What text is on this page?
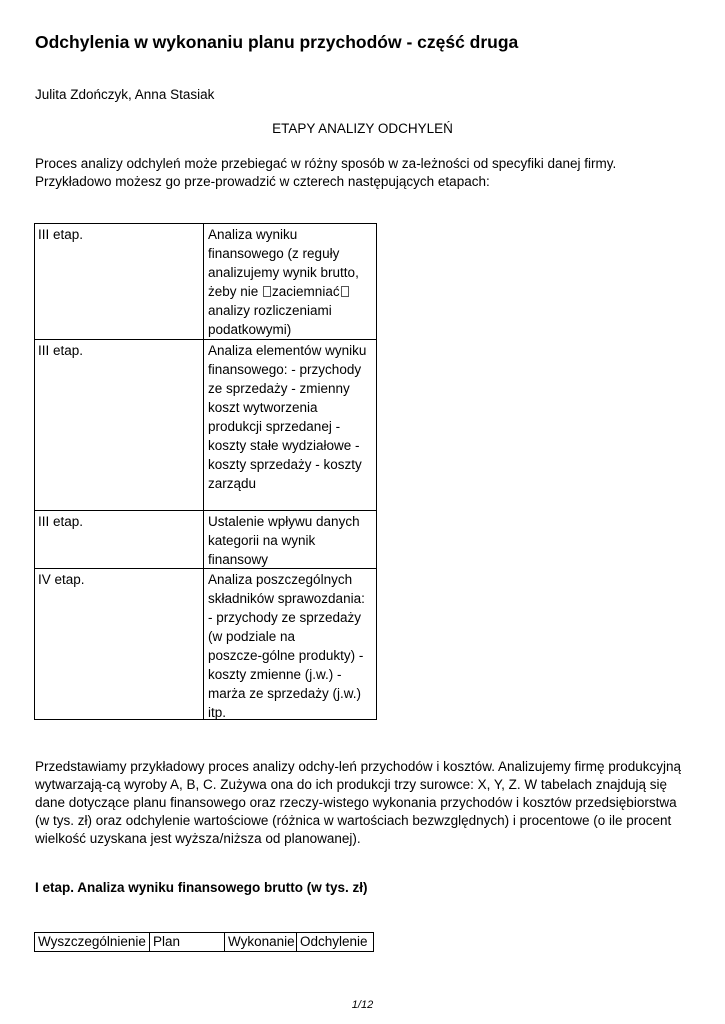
Odchylenia w wykonaniu planu przychodów - część druga
Julita Zdończyk, Anna Stasiak
ETAPY ANALIZY ODCHYLEŃ
Proces analizy odchyleń może przebiegać w różny sposób w za-leżności od specyfiki danej firmy.
Przykładowo możesz go prze-prowadzić w czterech następujących etapach:
III etap.	Analiza wyniku
finansowego (z reguły
analizujemy wynik brutto,
żeby nie zaciemniać
analizy rozliczeniami
podatkowymi)
III etap.	Analiza elementów wyniku
finansowego: - przychody
ze sprzedaży - zmienny
koszt wytworzenia
produkcji sprzedanej -
koszty stałe wydziałowe -
koszty sprzedaży - koszty
zarządu
III etap.	Ustalenie wpływu danych
kategorii na wynik
finansowy
IV etap.	Analiza poszczególnych
składników sprawozdania:
- przychody ze sprzedaży
(w podziale na
poszcze-gólne produkty) -
koszty zmienne (j.w.) -
marża ze sprzedaży (j.w.)
itp.
Przedstawiamy przykładowy proces analizy odchy-leń przychodów i kosztów. Analizujemy firmę produkcyjną
wytwarzają-cą wyroby A, B, C. Zużywa ona do ich produkcji trzy surowce: X, Y, Z. W tabelach znajdują się
dane dotyczące planu finansowego oraz rzeczy-wistego wykonania przychodów i kosztów przedsiębiorstwa
(w tys. zł) oraz odchylenie wartościowe (różnica w wartościach bezwzględnych) i procentowe (o ile procent
wielkość uzyskana jest wyższa/niższa od planowanej).
I etap. Analiza wyniku finansowego brutto (w tys. zł)
Wyszczególnienie Plan	Wykonanie Odchylenie
1/12
